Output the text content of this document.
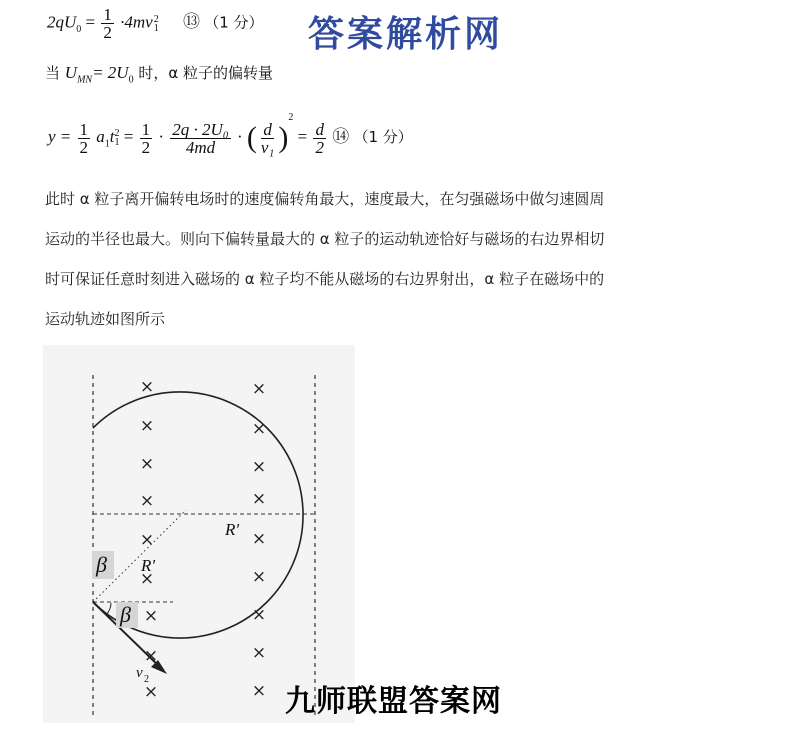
答案解析网
$2qU_0 = \frac{1}{2} \cdot 4mv$ 2
1 ⑬ （1 分）
当 $U_{MN}= 2U_0$ 时，α 粒子的偏转量
$y = \frac{1}{2} a_1t$ 2
$1 = \frac{1}{2} \cdot \frac{\text{2q · 2U₀}}{4md}$ · ( $\frac{d}{\text{v₁}} )^2 = \frac{d}{2}$ ⑭ （1 分）
此时 α 粒子离开偏转电场时的速度偏转角最大，速度最大，在匀强磁场中做匀速圆周
运动的半径也最大。则向下偏转量最大的 α 粒子的运动轨迹恰好与磁场的右边界相切
时可保证任意时刻进入磁场的 α 粒子均不能从磁场的右边界射出，α 粒子在磁场中的
运动轨迹如图所示
×
×
×
×
×
×
×
×
×
×
×
×
×
×
×
×
×
×
R'
R'
β
β
v 2
九师联盟答案网
